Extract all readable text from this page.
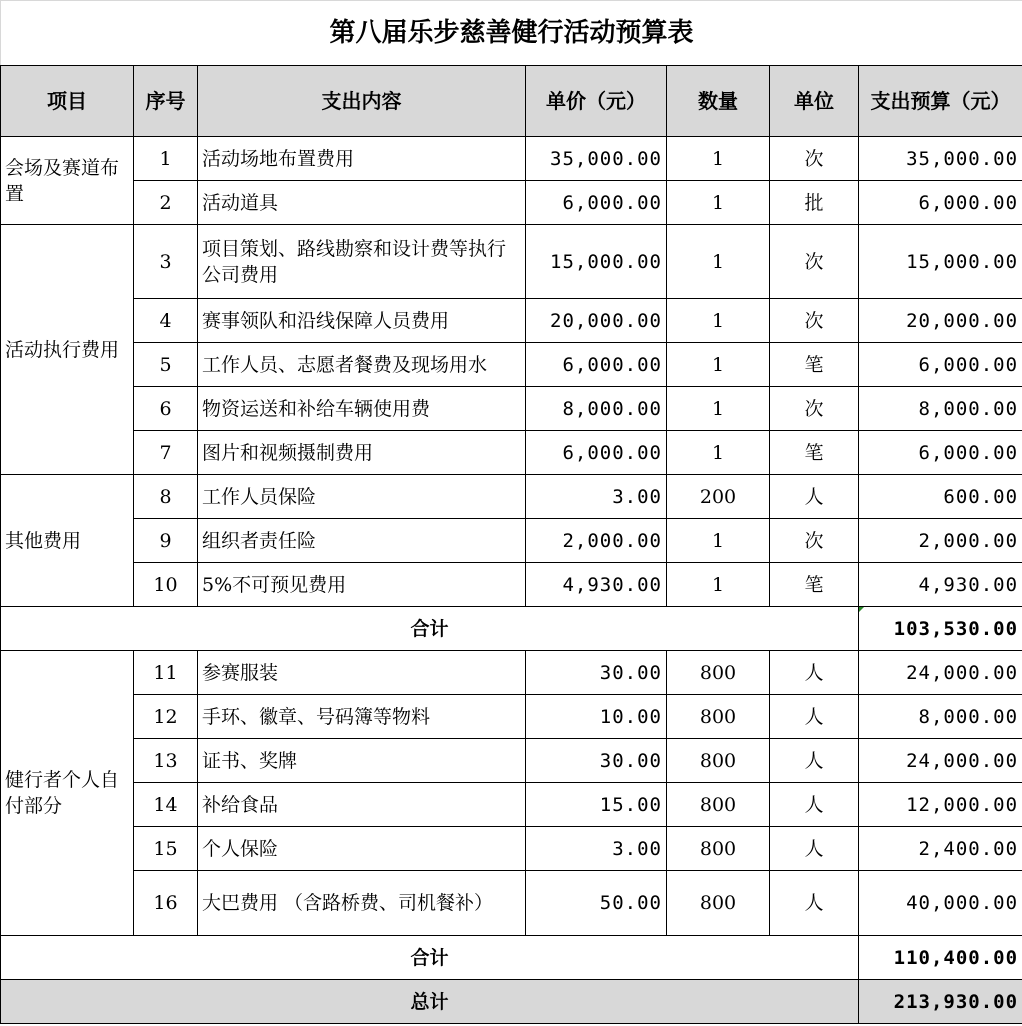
第八届乐步慈善健行活动预算表						
项目	序号	支出内容	单价（元）	数量	单位	支出预算（元）
会场及赛道布置	1	活动场地布置费用	35,000.00	1	次	35,000.00
	2	活动道具	6,000.00	1	批	6,000.00
活动执行费用	3	项目策划、路线勘察和设计费等执行公司费用	15,000.00	1	次	15,000.00
	4	赛事领队和沿线保障人员费用	20,000.00	1	次	20,000.00
	5	工作人员、志愿者餐费及现场用水	6,000.00	1	笔	6,000.00
	6	物资运送和补给车辆使用费	8,000.00	1	次	8,000.00
	7	图片和视频摄制费用	6,000.00	1	笔	6,000.00
其他费用	8	工作人员保险	3.00	200	人	600.00
	9	组织者责任险	2,000.00	1	次	2,000.00
	10	5%不可预见费用	4,930.00	1	笔	4,930.00
合计						103,530.00
健行者个人自付部分	11	参赛服装	30.00	800	人	24,000.00
	12	手环、徽章、号码簿等物料	10.00	800	人	8,000.00
	13	证书、奖牌	30.00	800	人	24,000.00
	14	补给食品	15.00	800	人	12,000.00
	15	个人保险	3.00	800	人	2,400.00
	16	大巴费用 （含路桥费、司机餐补）	50.00	800	人	40,000.00
合计						110,400.00
总计						213,930.00
